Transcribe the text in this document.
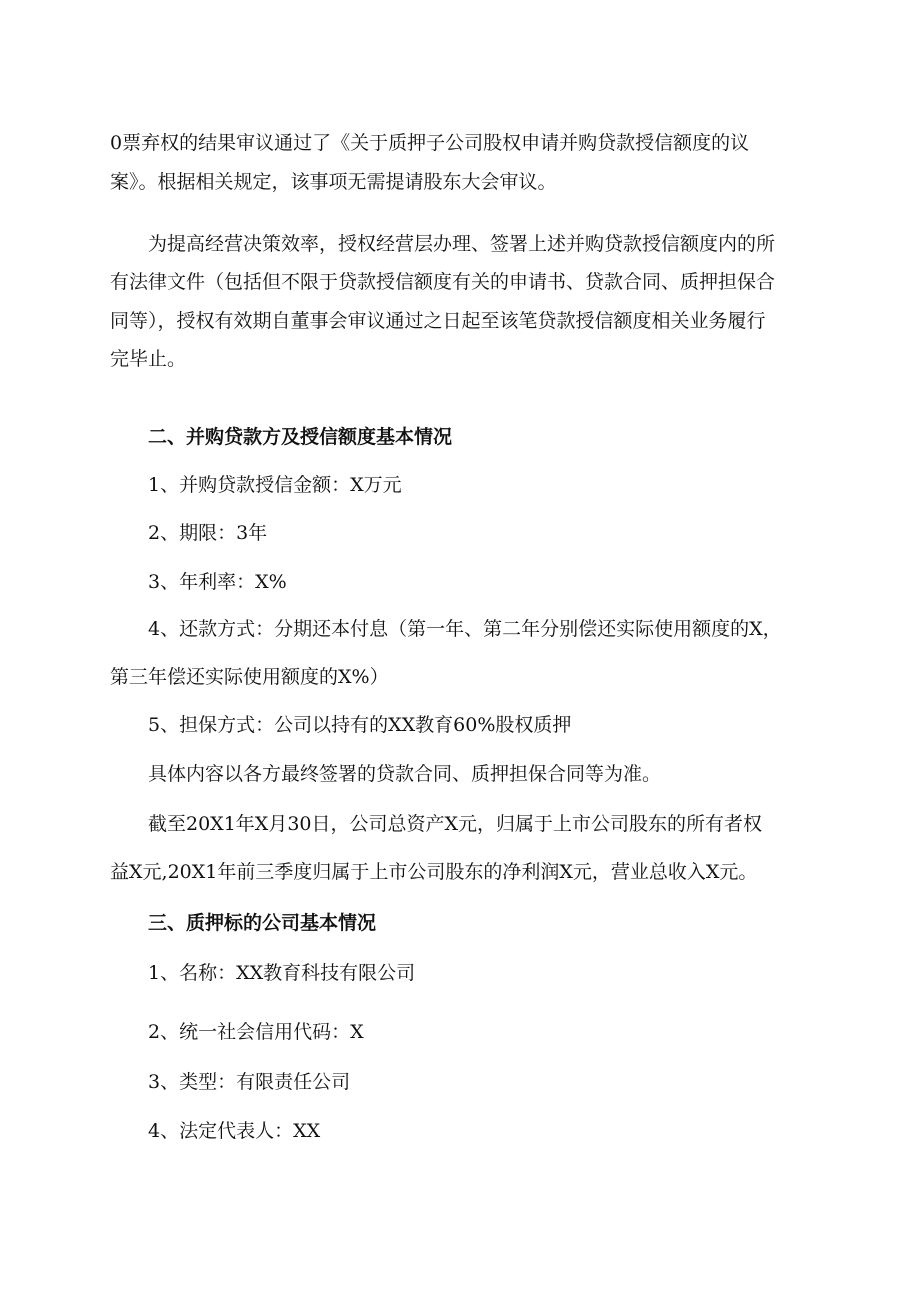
0票弃权的结果审议通过了《关于质押子公司股权申请并购贷款授信额度的议
案》。根据相关规定，该事项无需提请股东大会审议。

为提高经营决策效率，授权经营层办理、签署上述并购贷款授信额度内的所

有法律文件（包括但不限于贷款授信额度有关的申请书、贷款合同、质押担保合
同等），授权有效期自董事会审议通过之日起至该笔贷款授信额度相关业务履行
完毕止。

二、并购贷款方及授信额度基本情况

1、并购贷款授信金额：X万元

2、期限：3年

3、年利率：X%

4、还款方式：分期还本付息（第一年、第二年分别偿还实际使用额度的X，

第三年偿还实际使用额度的X%）

5、担保方式：公司以持有的XX教育60%股权质押

具体内容以各方最终签署的贷款合同、质押担保合同等为准。

截至20X1年X月30日，公司总资产X元，归属于上市公司股东的所有者权

益X元,20X1年前三季度归属于上市公司股东的净利润X元，营业总收入X元。

三、质押标的公司基本情况

1、名称：XX教育科技有限公司

2、统一社会信用代码：X

3、类型：有限责任公司

4、法定代表人：XX
